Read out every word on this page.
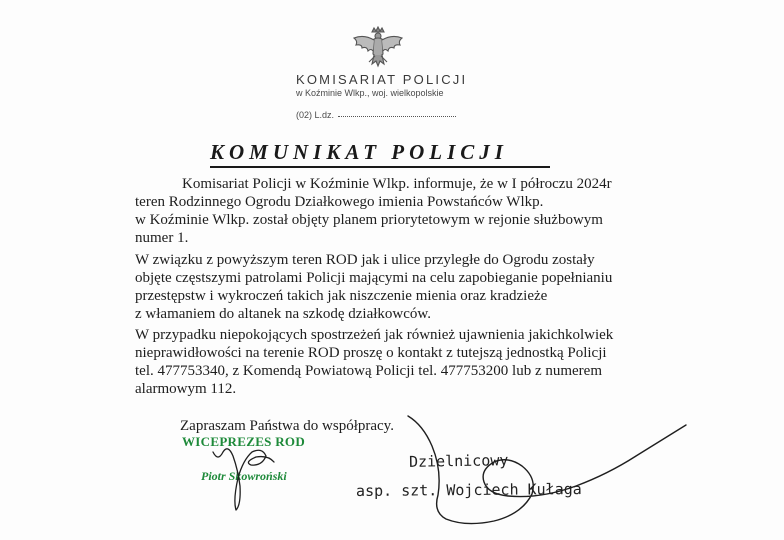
KOMISARIAT POLICJI
w Koźminie Wlkp., woj. wielkopolskie
(02) L.dz.
KOMUNIKAT POLICJI
Komisariat Policji w Koźminie Wlkp. informuje, że w I półroczu 2024r
teren Rodzinnego Ogrodu Działkowego imienia Powstańców Wlkp.
w Koźminie Wlkp. został objęty planem priorytetowym w rejonie służbowym
numer 1.
W związku z powyższym teren ROD jak i ulice przyległe do Ogrodu zostały
objęte częstszymi patrolami Policji mającymi na celu zapobieganie popełnianiu
przestępstw i wykroczeń takich jak niszczenie mienia oraz kradzieże
z włamaniem do altanek na szkodę działkowców.
W przypadku niepokojących spostrzeżeń jak również ujawnienia jakichkolwiek
nieprawidłowości na terenie ROD proszę o kontakt z tutejszą jednostką Policji
tel. 477753340, z Komendą Powiatową Policji tel. 477753200 lub z numerem
alarmowym 112.
Zapraszam Państwa do współpracy.
WICEPREZES ROD
Piotr Skowroński
Dzielnicowy
asp. szt. Wojciech Kułaga
